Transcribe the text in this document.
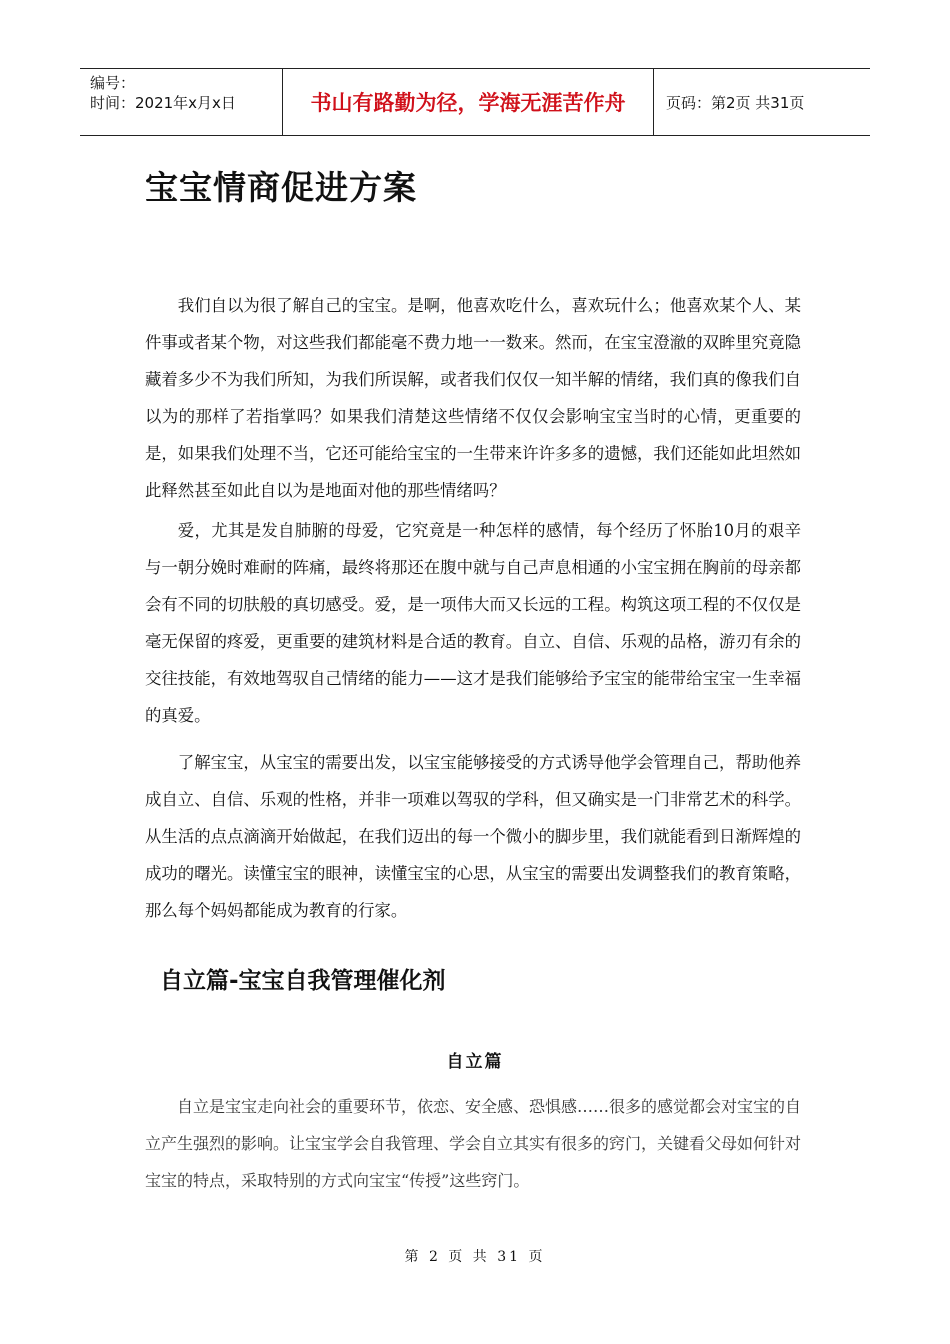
编号：
时间：2021年x月x日	书山有路勤为径，学海无涯苦作舟	页码：第2页 共31页
宝宝情商促进方案

我们自以为很了解自己的宝宝。是啊，他喜欢吃什么，喜欢玩什么；他喜欢某个人、某件事或者某个物，对这些我们都能毫不费力地一一数来。然而，在宝宝澄澈的双眸里究竟隐藏着多少不为我们所知，为我们所误解，或者我们仅仅一知半解的情绪，我们真的像我们自以为的那样了若指掌吗？如果我们清楚这些情绪不仅仅会影响宝宝当时的心情，更重要的是，如果我们处理不当，它还可能给宝宝的一生带来许许多多的遗憾，我们还能如此坦然如此释然甚至如此自以为是地面对他的那些情绪吗？

爱，尤其是发自肺腑的母爱，它究竟是一种怎样的感情，每个经历了怀胎10月的艰辛与一朝分娩时难耐的阵痛，最终将那还在腹中就与自己声息相通的小宝宝拥在胸前的母亲都会有不同的切肤般的真切感受。爱，是一项伟大而又长远的工程。构筑这项工程的不仅仅是毫无保留的疼爱，更重要的建筑材料是合适的教育。自立、自信、乐观的品格，游刃有余的交往技能，有效地驾驭自己情绪的能力——这才是我们能够给予宝宝的能带给宝宝一生幸福的真爱。

了解宝宝，从宝宝的需要出发，以宝宝能够接受的方式诱导他学会管理自己，帮助他养成自立、自信、乐观的性格，并非一项难以驾驭的学科，但又确实是一门非常艺术的科学。从生活的点点滴滴开始做起，在我们迈出的每一个微小的脚步里，我们就能看到日渐辉煌的成功的曙光。读懂宝宝的眼神，读懂宝宝的心思，从宝宝的需要出发调整我们的教育策略，那么每个妈妈都能成为教育的行家。

自立篇-宝宝自我管理催化剂
自立篇

自立是宝宝走向社会的重要环节，依恋、安全感、恐惧感……很多的感觉都会对宝宝的自立产生强烈的影响。让宝宝学会自我管理、学会自立其实有很多的窍门，关键看父母如何针对宝宝的特点，采取特别的方式向宝宝“传授”这些窍门。

第 2 页 共 31 页
